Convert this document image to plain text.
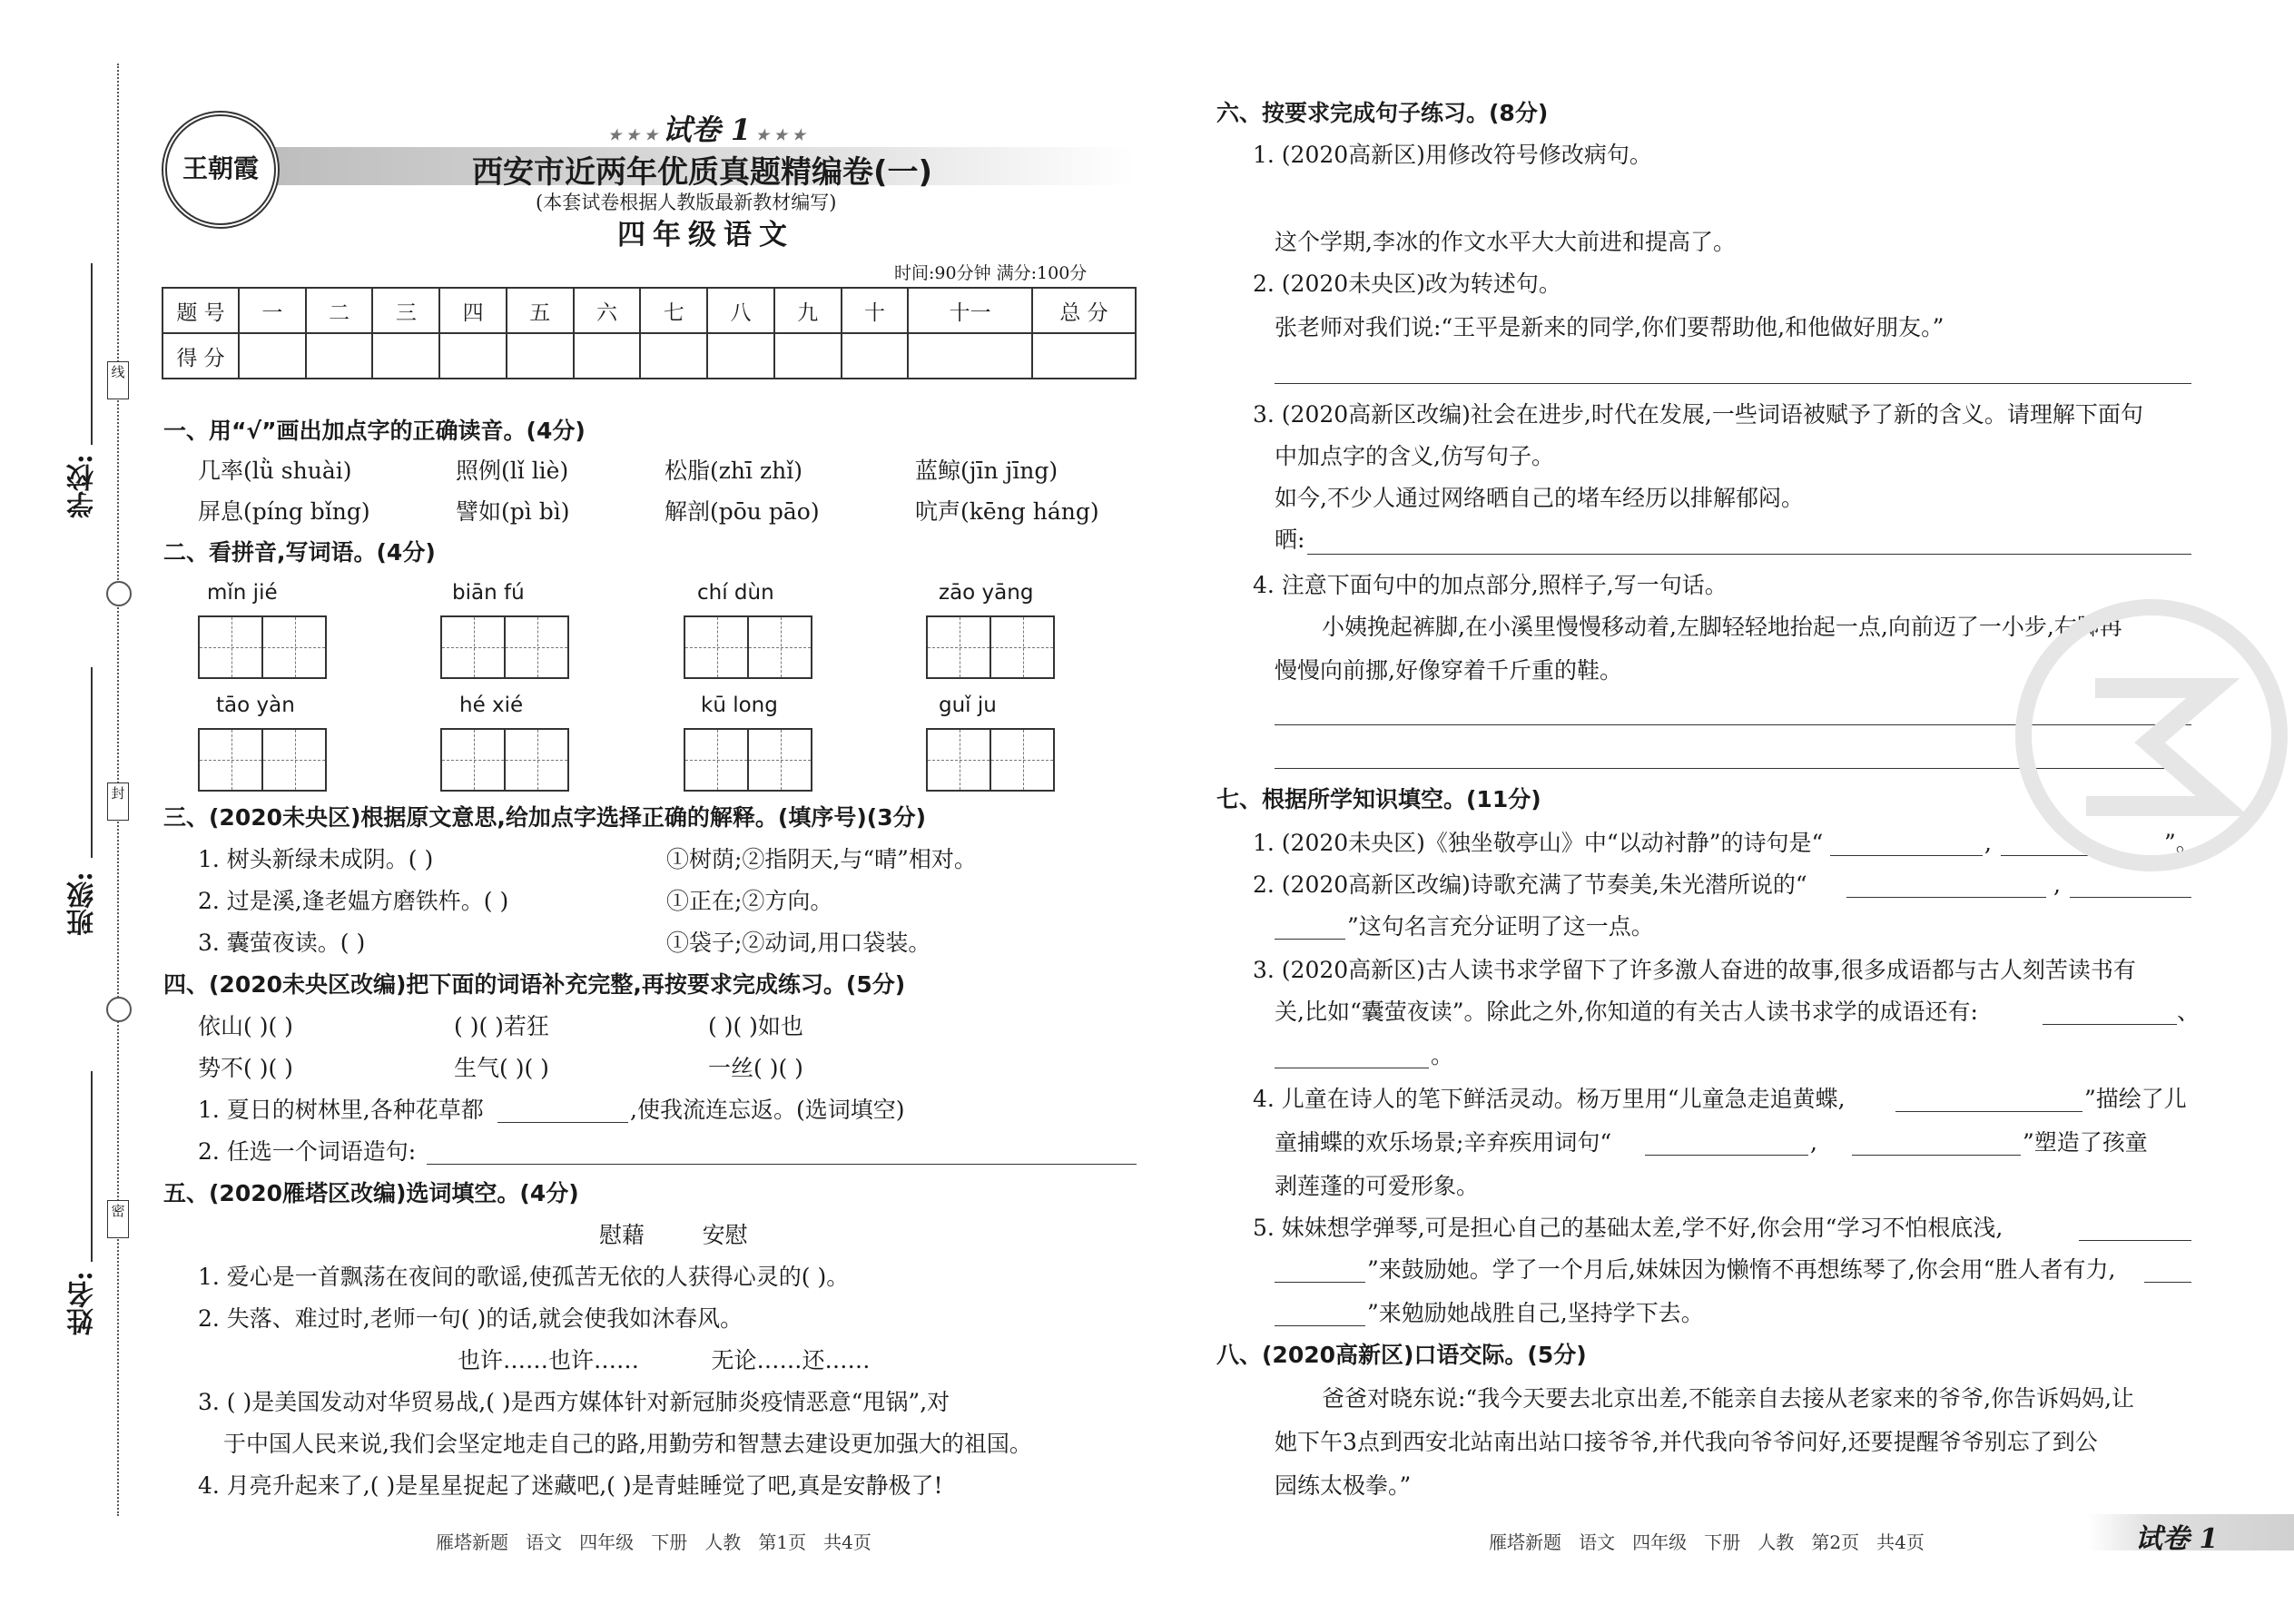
线
封
密
学校:
班级:
姓名:
王朝霞
★ ★ ★ 试卷 1 ★ ★ ★
西安市近两年优质真题精编卷(一)
(本套试卷根据人教版最新教材编写)
四年级语文
时间:90分钟 满分:100分
题 号	一	二	三	四	五	六	七	八	九	十	十一	总 分
得 分												
一、用“√”画出加点字的正确读音。(4分)
几率(lǜ shuài)	照例(lǐ liè)	松脂(zhī zhǐ)	蓝鲸(jīn jīng)
屏息(píng bǐng)	譬如(pì bì)	解剖(pōu pāo)	吭声(kēng háng)
二、看拼音,写词语。(4分)
mǐn jié	biān fú	chí dùn	zāo yāng
tāo yàn	hé xié	kū long	guǐ ju
三、(2020未央区)根据原文意思,给加点字选择正确的解释。(填序号)(3分)
1. 树头新绿未成阴。( )	①树荫;②指阴天,与“晴”相对。
2. 过是溪,逢老媪方磨铁杵。( )	①正在;②方向。
3. 囊萤夜读。( )	①袋子;②动词,用口袋装。
四、(2020未央区改编)把下面的词语补充完整,再按要求完成练习。(5分)
依山( )( )	( )( )若狂	( )( )如也
势不( )( )	生气( )( )	一丝( )( )
1. 夏日的树林里,各种花草都	,使我流连忘返。(选词填空)
2. 任选一个词语造句:
五、(2020雁塔区改编)选词填空。(4分)
慰藉        安慰
1. 爱心是一首飘荡在夜间的歌谣,使孤苦无依的人获得心灵的( )。
2. 失落、难过时,老师一句( )的话,就会使我如沐春风。
也许……也许……          无论……还……
3. ( )是美国发动对华贸易战,( )是西方媒体针对新冠肺炎疫情恶意“甩锅”,对
于中国人民来说,我们会坚定地走自己的路,用勤劳和智慧去建设更加强大的祖国。
4. 月亮升起来了,( )是星星捉起了迷藏吧,( )是青蛙睡觉了吧,真是安静极了!
雁塔新题   语文   四年级   下册   人教   第1页   共4页
六、按要求完成句子练习。(8分)
1. (2020高新区)用修改符号修改病句。
这个学期,李冰的作文水平大大前进和提高了。
2. (2020未央区)改为转述句。
张老师对我们说:“王平是新来的同学,你们要帮助他,和他做好朋友。”
3. (2020高新区改编)社会在进步,时代在发展,一些词语被赋予了新的含义。请理解下面句
中加点字的含义,仿写句子。
如今,不少人通过网络晒自己的堵车经历以排解郁闷。
晒:
4. 注意下面句中的加点部分,照样子,写一句话。
小姨挽起裤脚,在小溪里慢慢移动着,左脚轻轻地抬起一点,向前迈了一小步,右脚再
慢慢向前挪,好像穿着千斤重的鞋。
七、根据所学知识填空。(11分)
1. (2020未央区)《独坐敬亭山》中“以动衬静”的诗句是“	,	”。
2. (2020高新区改编)诗歌充满了节奏美,朱光潜所说的“	,
”这句名言充分证明了这一点。
3. (2020高新区)古人读书求学留下了许多激人奋进的故事,很多成语都与古人刻苦读书有
关,比如“囊萤夜读”。除此之外,你知道的有关古人读书求学的成语还有:	、
。
4. 儿童在诗人的笔下鲜活灵动。杨万里用“儿童急走追黄蝶,	”描绘了儿
童捕蝶的欢乐场景;辛弃疾用词句“	,	”塑造了孩童
剥莲蓬的可爱形象。
5. 妹妹想学弹琴,可是担心自己的基础太差,学不好,你会用“学习不怕根底浅,
”来鼓励她。学了一个月后,妹妹因为懒惰不再想练琴了,你会用“胜人者有力,
”来勉励她战胜自己,坚持学下去。
八、(2020高新区)口语交际。(5分)
爸爸对晓东说:“我今天要去北京出差,不能亲自去接从老家来的爷爷,你告诉妈妈,让
她下午3点到西安北站南出站口接爷爷,并代我向爷爷问好,还要提醒爷爷别忘了到公
园练太极拳。”
雁塔新题   语文   四年级   下册   人教   第2页   共4页	试卷 1
